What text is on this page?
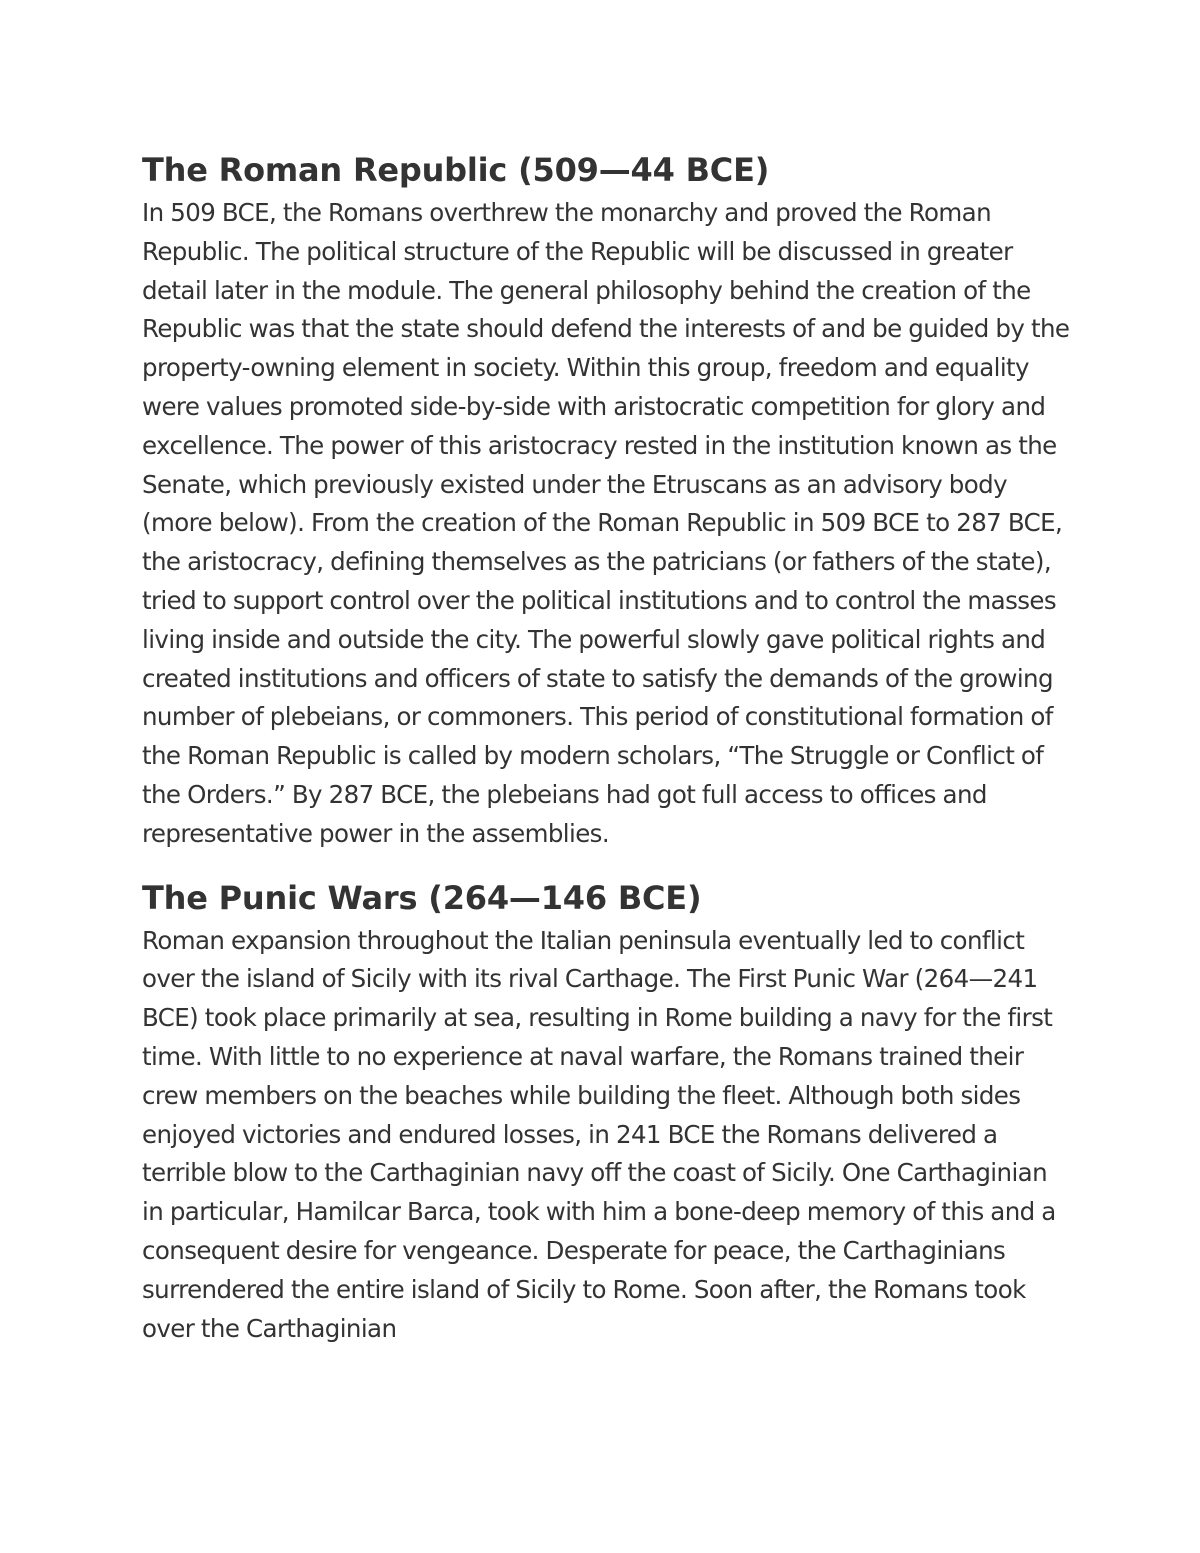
The Roman Republic (509—44 BCE)

In 509 BCE, the Romans overthrew the monarchy and proved the Roman Republic. The political structure of the Republic will be discussed in greater detail later in the module. The general philosophy behind the creation of the Republic was that the state should defend the interests of and be guided by the property-owning element in society. Within this group, freedom and equality were values promoted side-by-side with aristocratic competition for glory and excellence. The power of this aristocracy rested in the institution known as the Senate, which previously existed under the Etruscans as an advisory body (more below). From the creation of the Roman Republic in 509 BCE to 287 BCE, the aristocracy, defining themselves as the patricians (or fathers of the state), tried to support control over the political institutions and to control the masses living inside and outside the city. The powerful slowly gave political rights and created institutions and officers of state to satisfy the demands of the growing number of plebeians, or commoners. This period of constitutional formation of the Roman Republic is called by modern scholars, “The Struggle or Conflict of the Orders.” By 287 BCE, the plebeians had got full access to offices and representative power in the assemblies.

The Punic Wars (264—146 BCE)

Roman expansion throughout the Italian peninsula eventually led to conflict over the island of Sicily with its rival Carthage. The First Punic War (264—241 BCE) took place primarily at sea, resulting in Rome building a navy for the first time. With little to no experience at naval warfare, the Romans trained their crew members on the beaches while building the fleet. Although both sides enjoyed victories and endured losses, in 241 BCE the Romans delivered a terrible blow to the Carthaginian navy off the coast of Sicily. One Carthaginian in particular, Hamilcar Barca, took with him a bone-deep memory of this and a consequent desire for vengeance. Desperate for peace, the Carthaginians surrendered the entire island of Sicily to Rome. Soon after, the Romans took over the Carthaginian
